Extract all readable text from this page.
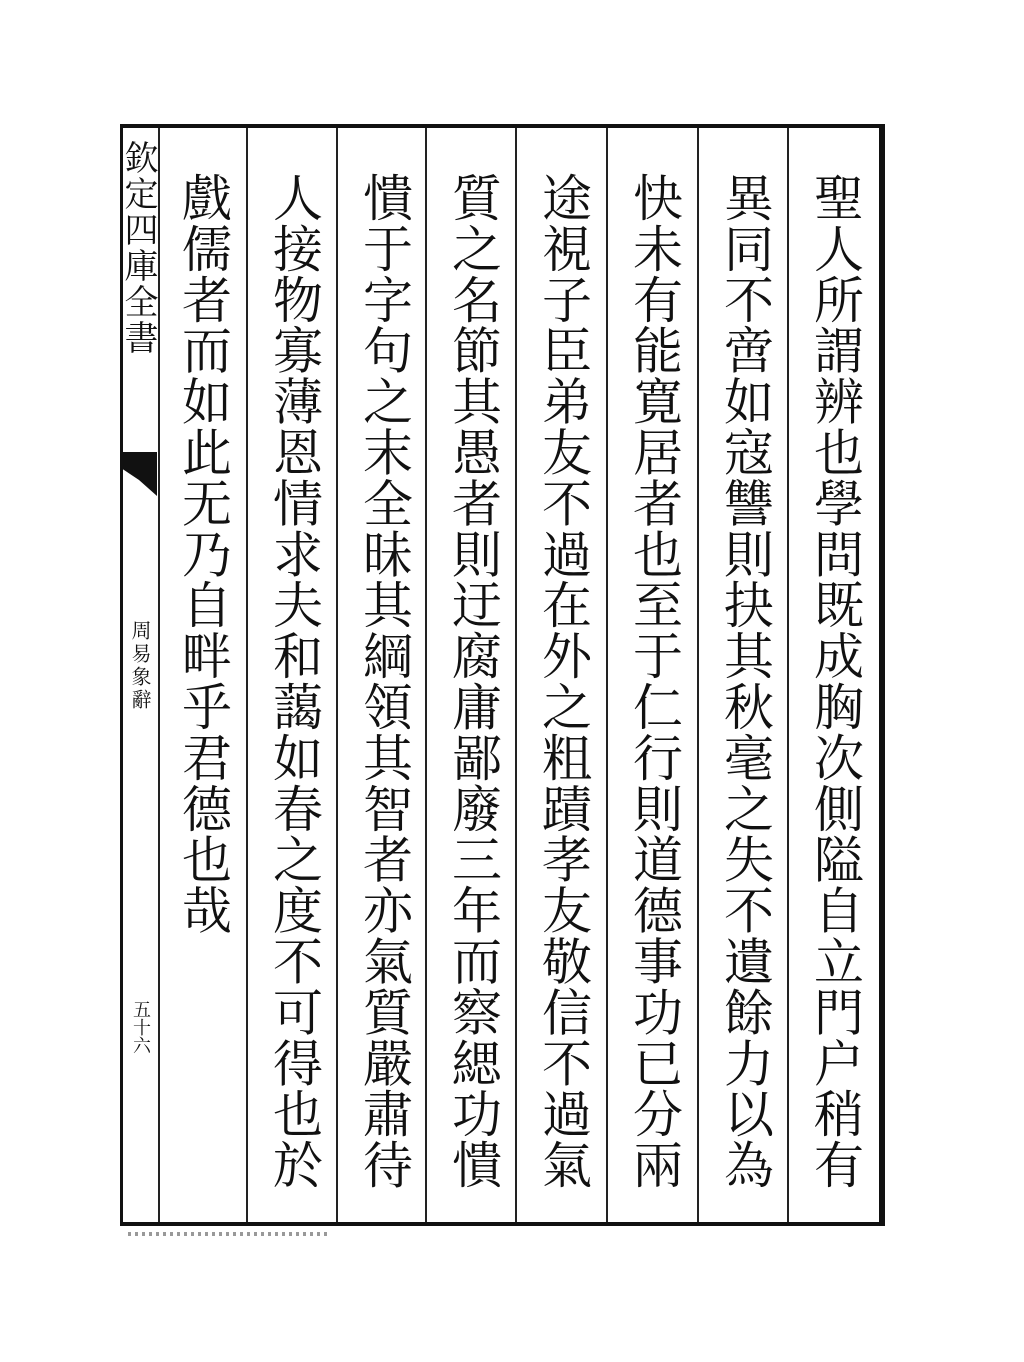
聖人所謂辨也學問既成胸次側隘自立門户稍有
異同不啻如寇讐則抉其秋毫之失不遺餘力以為
快未有能寛居者也至于仁行則道德事功已分兩
途視子臣弟友不過在外之粗蹟孝友敬信不過氣
質之名節其愚者則迂腐庸鄙廢三年而察緦功憒
憒于字句之末全昧其綱領其智者亦氣質嚴肅待
人接物寡薄恩情求夫和藹如春之度不可得也於
戲儒者而如此无乃自畔乎君德也哉
欽定四庫全書
周易象辭
五十六
